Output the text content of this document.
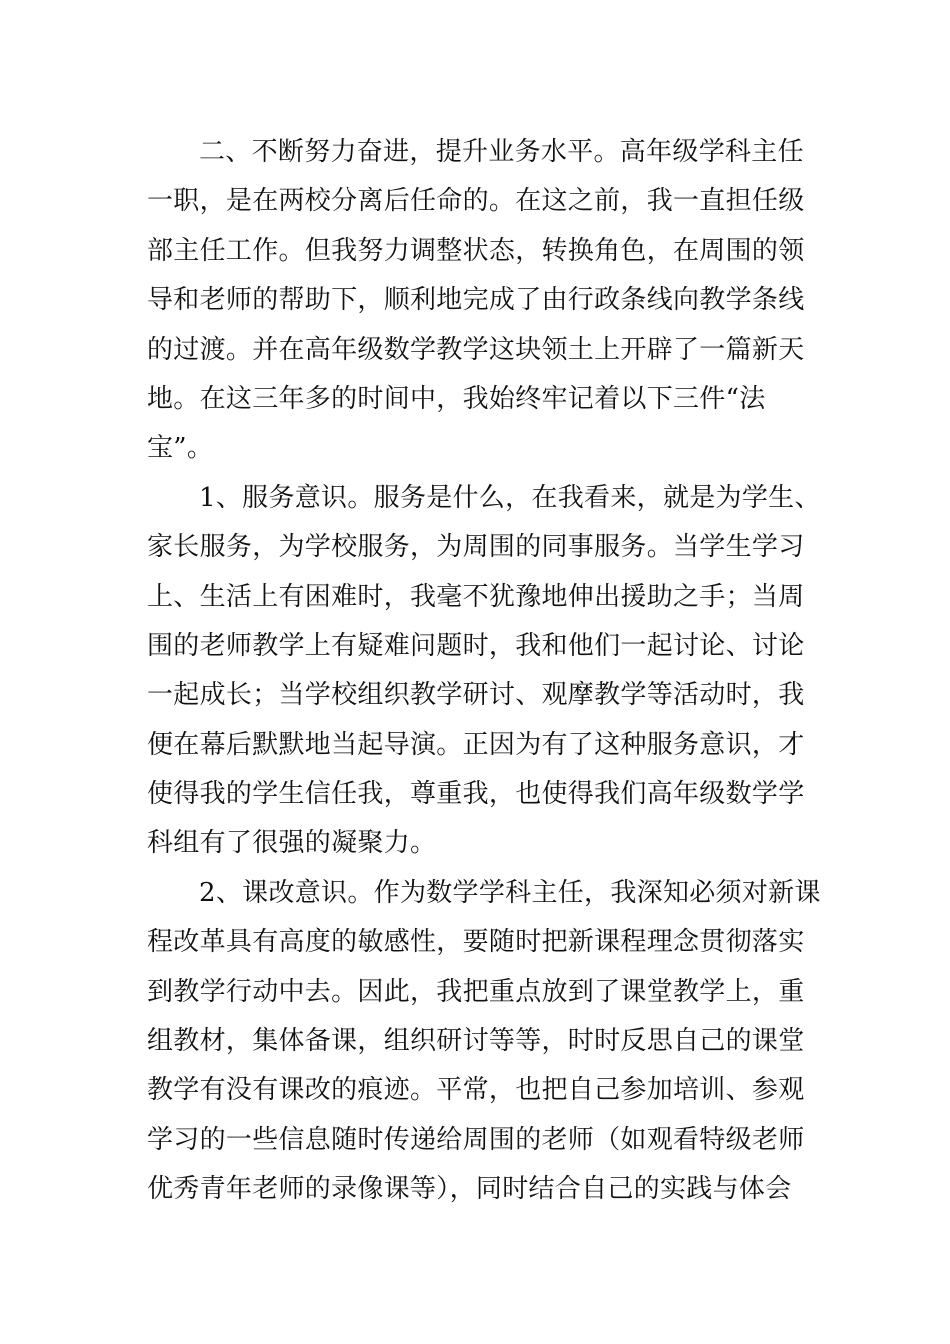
二、不断努力奋进，提升业务水平。高年级学科主任
一职，是在两校分离后任命的。在这之前，我一直担任级
部主任工作。但我努力调整状态，转换角色，在周围的领
导和老师的帮助下，顺利地完成了由行政条线向教学条线
的过渡。并在高年级数学教学这块领土上开辟了一篇新天
地。在这三年多的时间中，我始终牢记着以下三件“法
宝”。
1、服务意识。服务是什么，在我看来，就是为学生、
家长服务，为学校服务，为周围的同事服务。当学生学习
上、生活上有困难时，我毫不犹豫地伸出援助之手；当周
围的老师教学上有疑难问题时，我和他们一起讨论、讨论
一起成长；当学校组织教学研讨、观摩教学等活动时，我
便在幕后默默地当起导演。正因为有了这种服务意识，才
使得我的学生信任我，尊重我，也使得我们高年级数学学
科组有了很强的凝聚力。
2、课改意识。作为数学学科主任，我深知必须对新课
程改革具有高度的敏感性，要随时把新课程理念贯彻落实
到教学行动中去。因此，我把重点放到了课堂教学上，重
组教材，集体备课，组织研讨等等，时时反思自己的课堂
教学有没有课改的痕迹。平常，也把自己参加培训、参观
学习的一些信息随时传递给周围的老师（如观看特级老师
优秀青年老师的录像课等），同时结合自己的实践与体会
